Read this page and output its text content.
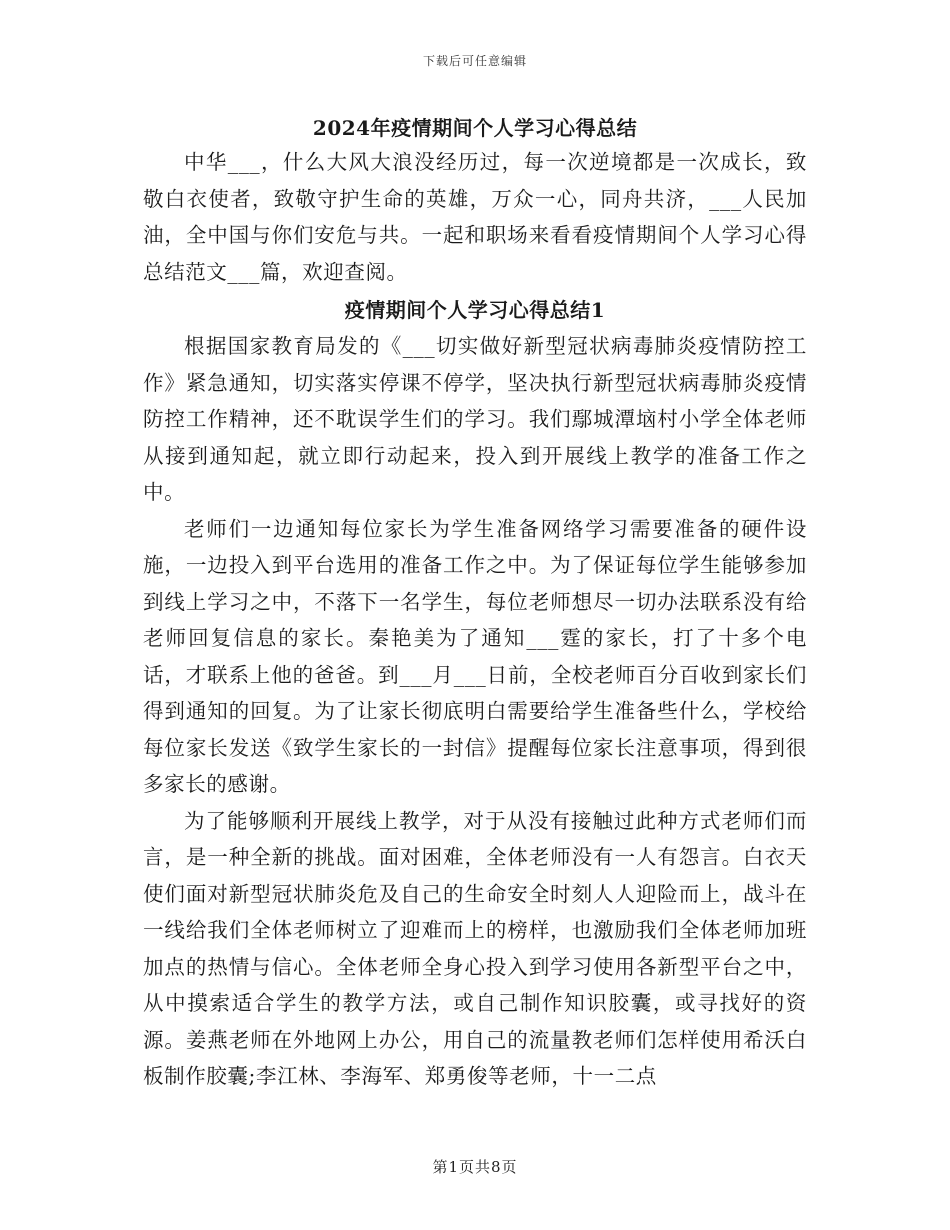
下载后可任意编辑
2024年疫情期间个人学习心得总结

中华___，什么大风大浪没经历过，每一次逆境都是一次成长，致敬白衣使者，致敬守护生命的英雄，万众一心，同舟共济，___人民加油，全中国与你们安危与共。一起和职场来看看疫情期间个人学习心得总结范文___篇，欢迎查阅。

疫情期间个人学习心得总结1

根据国家教育局发的《___切实做好新型冠状病毒肺炎疫情防控工作》紧急通知，切实落实停课不停学，坚决执行新型冠状病毒肺炎疫情防控工作精神，还不耽误学生们的学习。我们鄢城潭垴村小学全体老师从接到通知起，就立即行动起来，投入到开展线上教学的准备工作之中。

老师们一边通知每位家长为学生准备网络学习需要准备的硬件设施，一边投入到平台选用的准备工作之中。为了保证每位学生能够参加到线上学习之中，不落下一名学生，每位老师想尽一切办法联系没有给老师回复信息的家长。秦艳美为了通知___霆的家长，打了十多个电话，才联系上他的爸爸。到___月___日前，全校老师百分百收到家长们得到通知的回复。为了让家长彻底明白需要给学生准备些什么，学校给每位家长发送《致学生家长的一封信》提醒每位家长注意事项，得到很多家长的感谢。

为了能够顺利开展线上教学，对于从没有接触过此种方式老师们而言，是一种全新的挑战。面对困难，全体老师没有一人有怨言。白衣天使们面对新型冠状肺炎危及自己的生命安全时刻人人迎险而上，战斗在一线给我们全体老师树立了迎难而上的榜样，也激励我们全体老师加班加点的热情与信心。全体老师全身心投入到学习使用各新型平台之中，从中摸索适合学生的教学方法，或自己制作知识胶囊，或寻找好的资源。姜燕老师在外地网上办公，用自己的流量教老师们怎样使用希沃白板制作胶囊;李江林、李海军、郑勇俊等老师，十一二点

第1页共8页
